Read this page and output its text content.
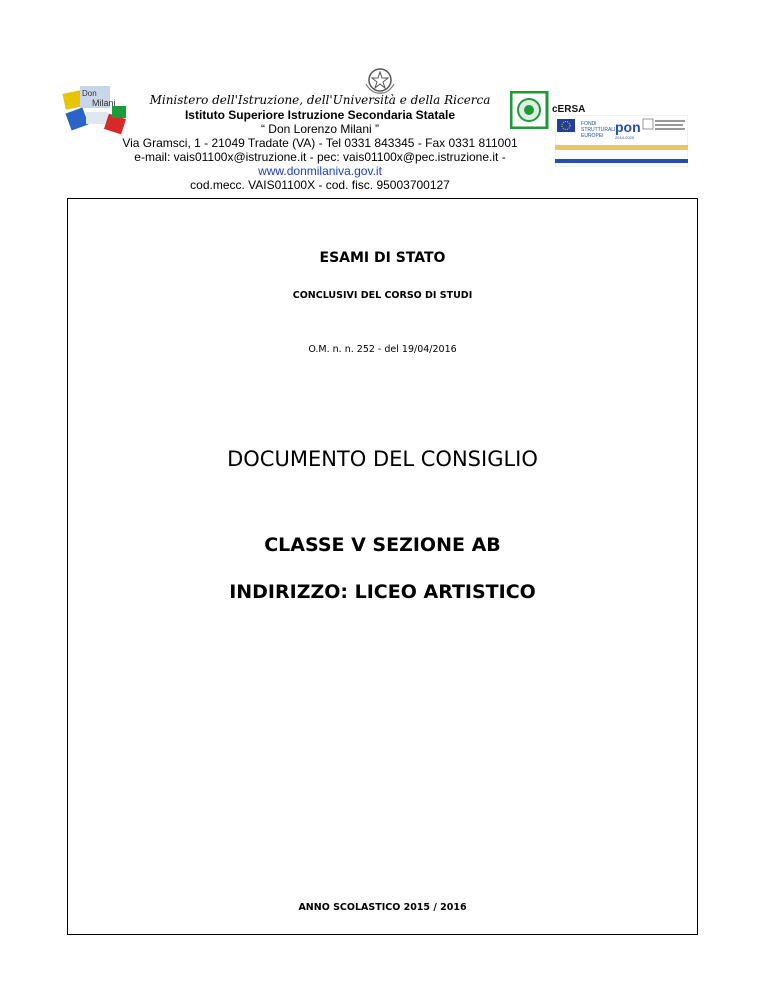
Don
Milani	Ministero dell'Istruzione, dell'Università e della Ricerca
Istituto Superiore Istruzione Secondaria Statale
“ Don Lorenzo Milani ”
Via Gramsci, 1 - 21049 Tradate (VA) - Tel 0331 843345 - Fax 0331 811001
e-mail: vais01100x@istruzione.it - pec: vais01100x@pec.istruzione.it - www.donmilaniva.gov.it
cod.mecc. VAIS01100X - cod. fisc. 95003700127
cERSA
FONDI
STRUTTURALI
EUROPEI
pon
2014-2020
ESAMI DI STATO
CONCLUSIVI DEL CORSO DI STUDI
O.M. n. n. 252 - del 19/04/2016
DOCUMENTO DEL CONSIGLIO
CLASSE V SEZIONE AB
INDIRIZZO: LICEO ARTISTICO
ANNO SCOLASTICO 2015 / 2016
